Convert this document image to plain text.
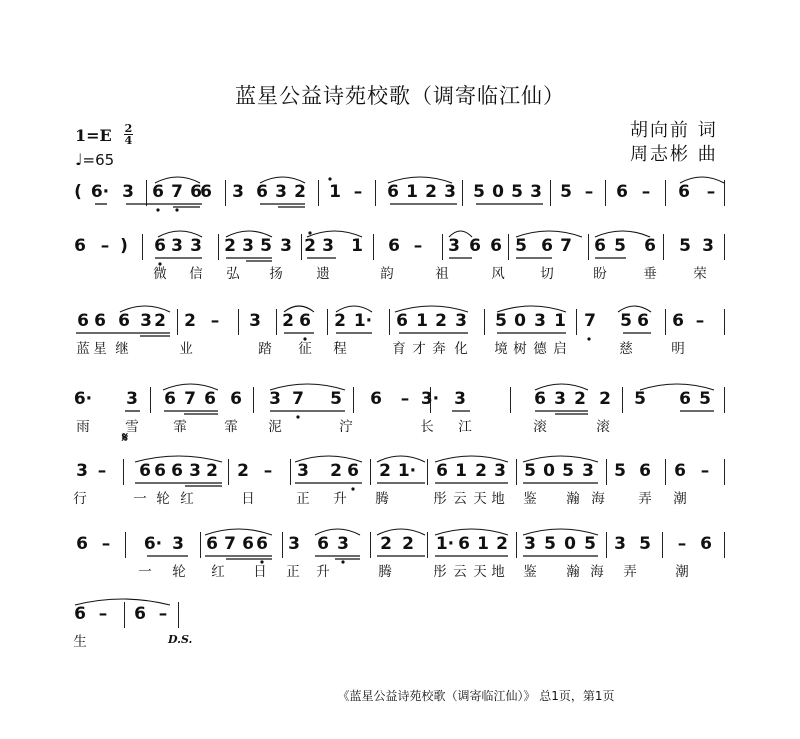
蓝星公益诗苑校歌（调寄临江仙）
胡向前 词
周志彬 曲
1=E 2
4
♩=65
𝄋
D.S.
( 6· 3 6 7 6
6 3 6 3 2 1 – 6 1 2 3 5 0 5 3 5 – 6 – 6 –
6 – ) 6 3 3 2 3 5 3 2 3 1 6 – 3 6 6 5 6 7 6 5 6 5 3
微 信 弘 扬 遗	韵	祖	风	切	盼	垂	荣
6 6 6 3 2 2 – 3 2 6 2 1· 6 1 2 3 5 0 3 1 7 5 6 6 –
蓝 星 继	业	踏 征 程	育 才 奔 化 境 树 德 启	慈	明
6· 3 6 7 6 6 3 7 5 6 – 3· 3	6 3 2 2 5 6 5
雨	雪	霏	霏 泥	泞	长 江	滚	滚
3 – 6 6 6 3 2 2 – 3 2 6 2 1· 6 1 2 3 5 0 5 3 5 6 6 –
行	一 轮 红	日	正 升 腾	彤 云 天 地 鉴 瀚 海 弄 潮
6 – 6· 3 6 7 6 6 3 6 3 2 2 1· 6 1 2 3 5 0 5 3 5 – 6
一 轮 红 日 正 升	腾	彤 云 天 地 鉴 瀚 海 弄	潮
6 – 6 –
生
《蓝星公益诗苑校歌（调寄临江仙）》 总1页，第1页
